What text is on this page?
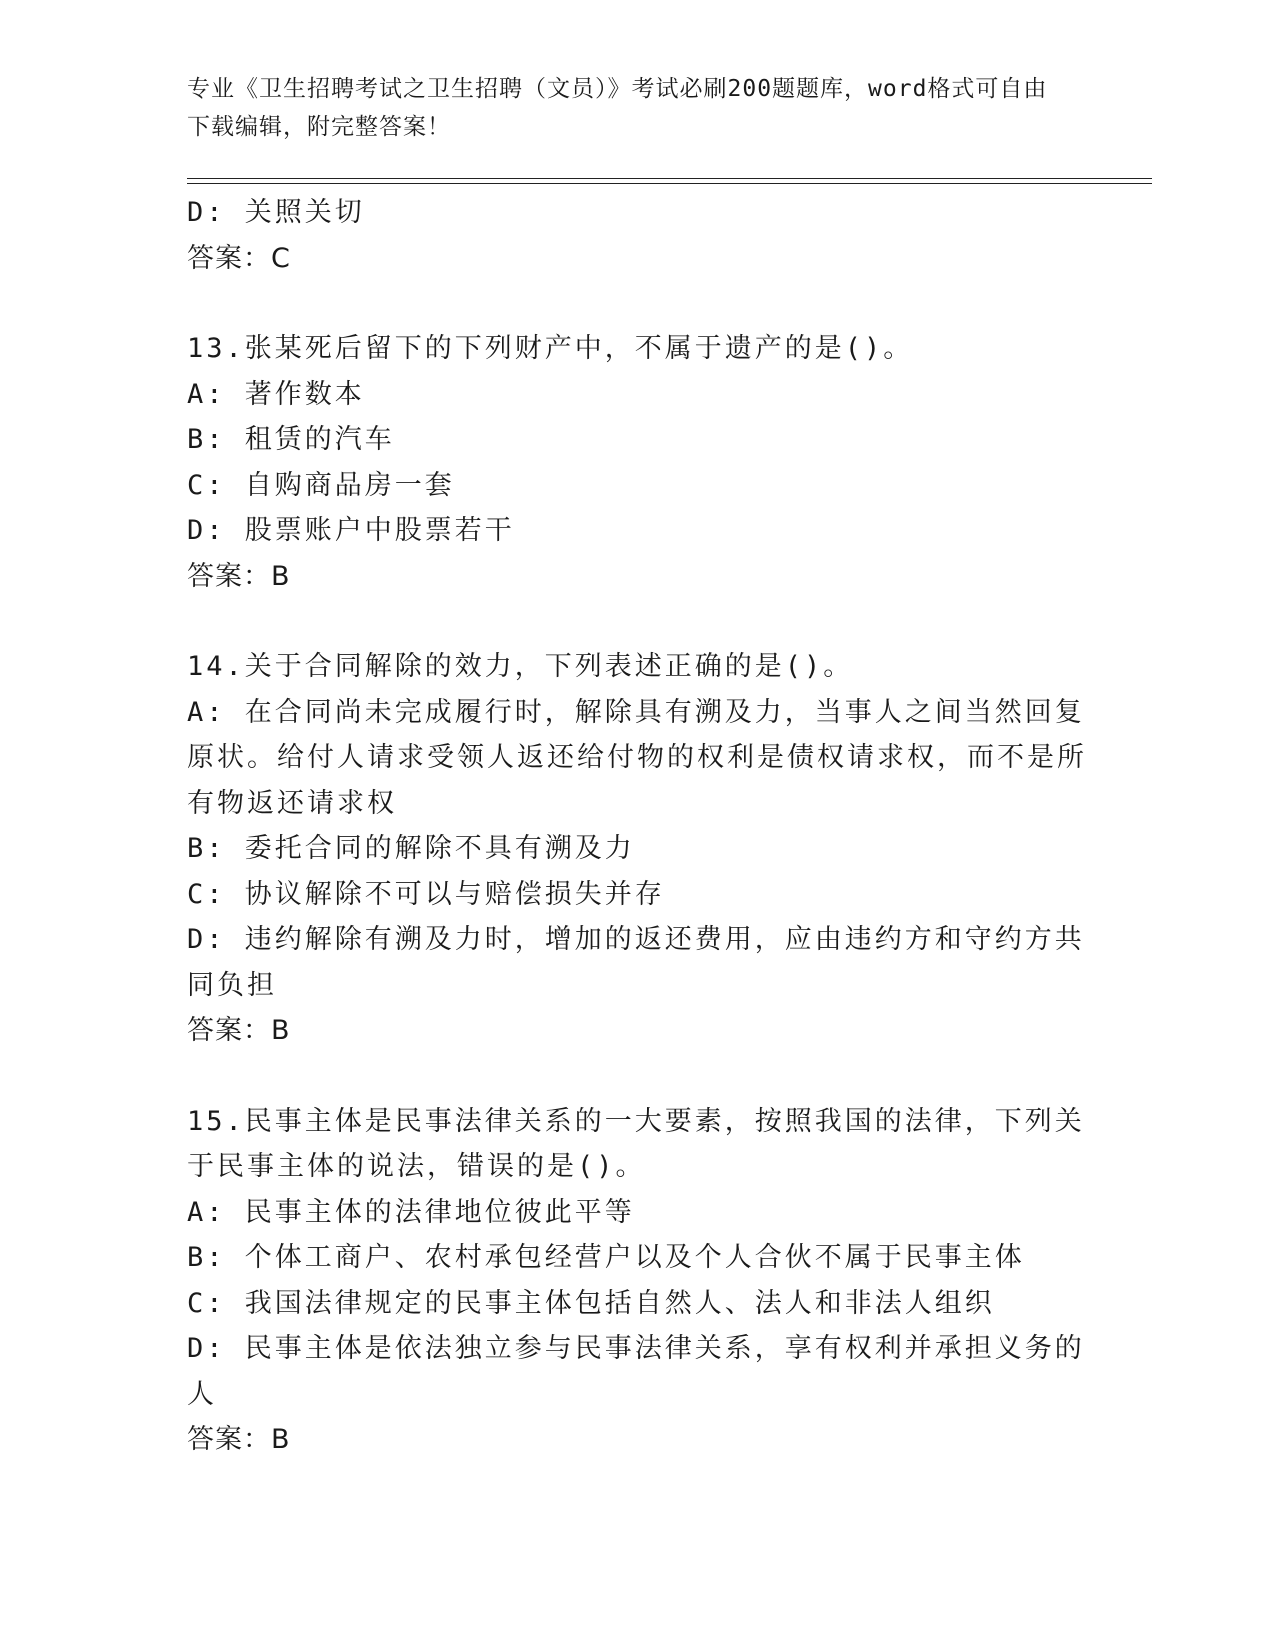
专业《卫生招聘考试之卫生招聘（文员）》考试必刷200题题库，word格式可自由下载编辑，附完整答案！

D: 关照关切

答案：C

13.张某死后留下的下列财产中，不属于遗产的是()。

A: 著作数本

B: 租赁的汽车

C: 自购商品房一套

D: 股票账户中股票若干

答案：B

14.关于合同解除的效力，下列表述正确的是()。

A: 在合同尚未完成履行时，解除具有溯及力，当事人之间当然回复原状。给付人请求受领人返还给付物的权利是债权请求权，而不是所有物返还请求权

B: 委托合同的解除不具有溯及力

C: 协议解除不可以与赔偿损失并存

D: 违约解除有溯及力时，增加的返还费用，应由违约方和守约方共同负担

答案：B

15.民事主体是民事法律关系的一大要素，按照我国的法律，下列关于民事主体的说法，错误的是()。

A: 民事主体的法律地位彼此平等

B: 个体工商户、农村承包经营户以及个人合伙不属于民事主体

C: 我国法律规定的民事主体包括自然人、法人和非法人组织

D: 民事主体是依法独立参与民事法律关系，享有权利并承担义务的人

答案：B
